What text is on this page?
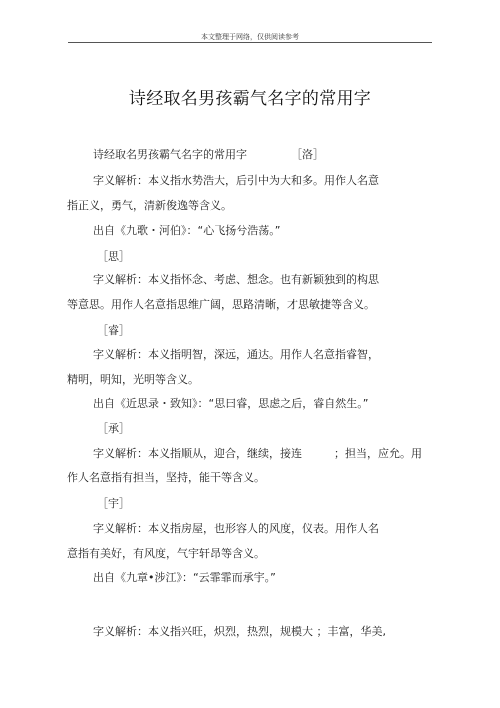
本文整理于网络，仅供阅读参考
诗经取名男孩霸气名字的常用字
诗经取名男孩霸气名字的常用字	［洛］
字义解析：本义指水势浩大，后引中为大和多。用作人名意
指正义，勇气，清新俊逸等含义。
出自《九歌・河伯》：“心飞扬兮浩荡。”
［思］
字义解析：本义指怀念、考虑、想念。也有新颖独到的构思
等意思。用作人名意指思维广阔，思路清晰，才思敏捷等含义。
［睿］
字义解析：本义指明智，深远，通达。用作人名意指睿智，
精明，明知，光明等含义。
出自《近思录・致知》：“思曰睿，思虑之后，睿自然生。”
［承］
字义解析：本义指顺从，迎合，继续，接连	；担当，应允。用
作人名意指有担当，坚持，能干等含义。
［宇］
字义解析：本义指房屋，也形容人的风度，仪表。用作人名
意指有美好，有风度，气宇轩昂等含义。
出自《九章•涉江》：“云霏霏而承宇。”
字义解析：本义指兴旺，炽烈，热烈，规模大 ；丰富，华美,
